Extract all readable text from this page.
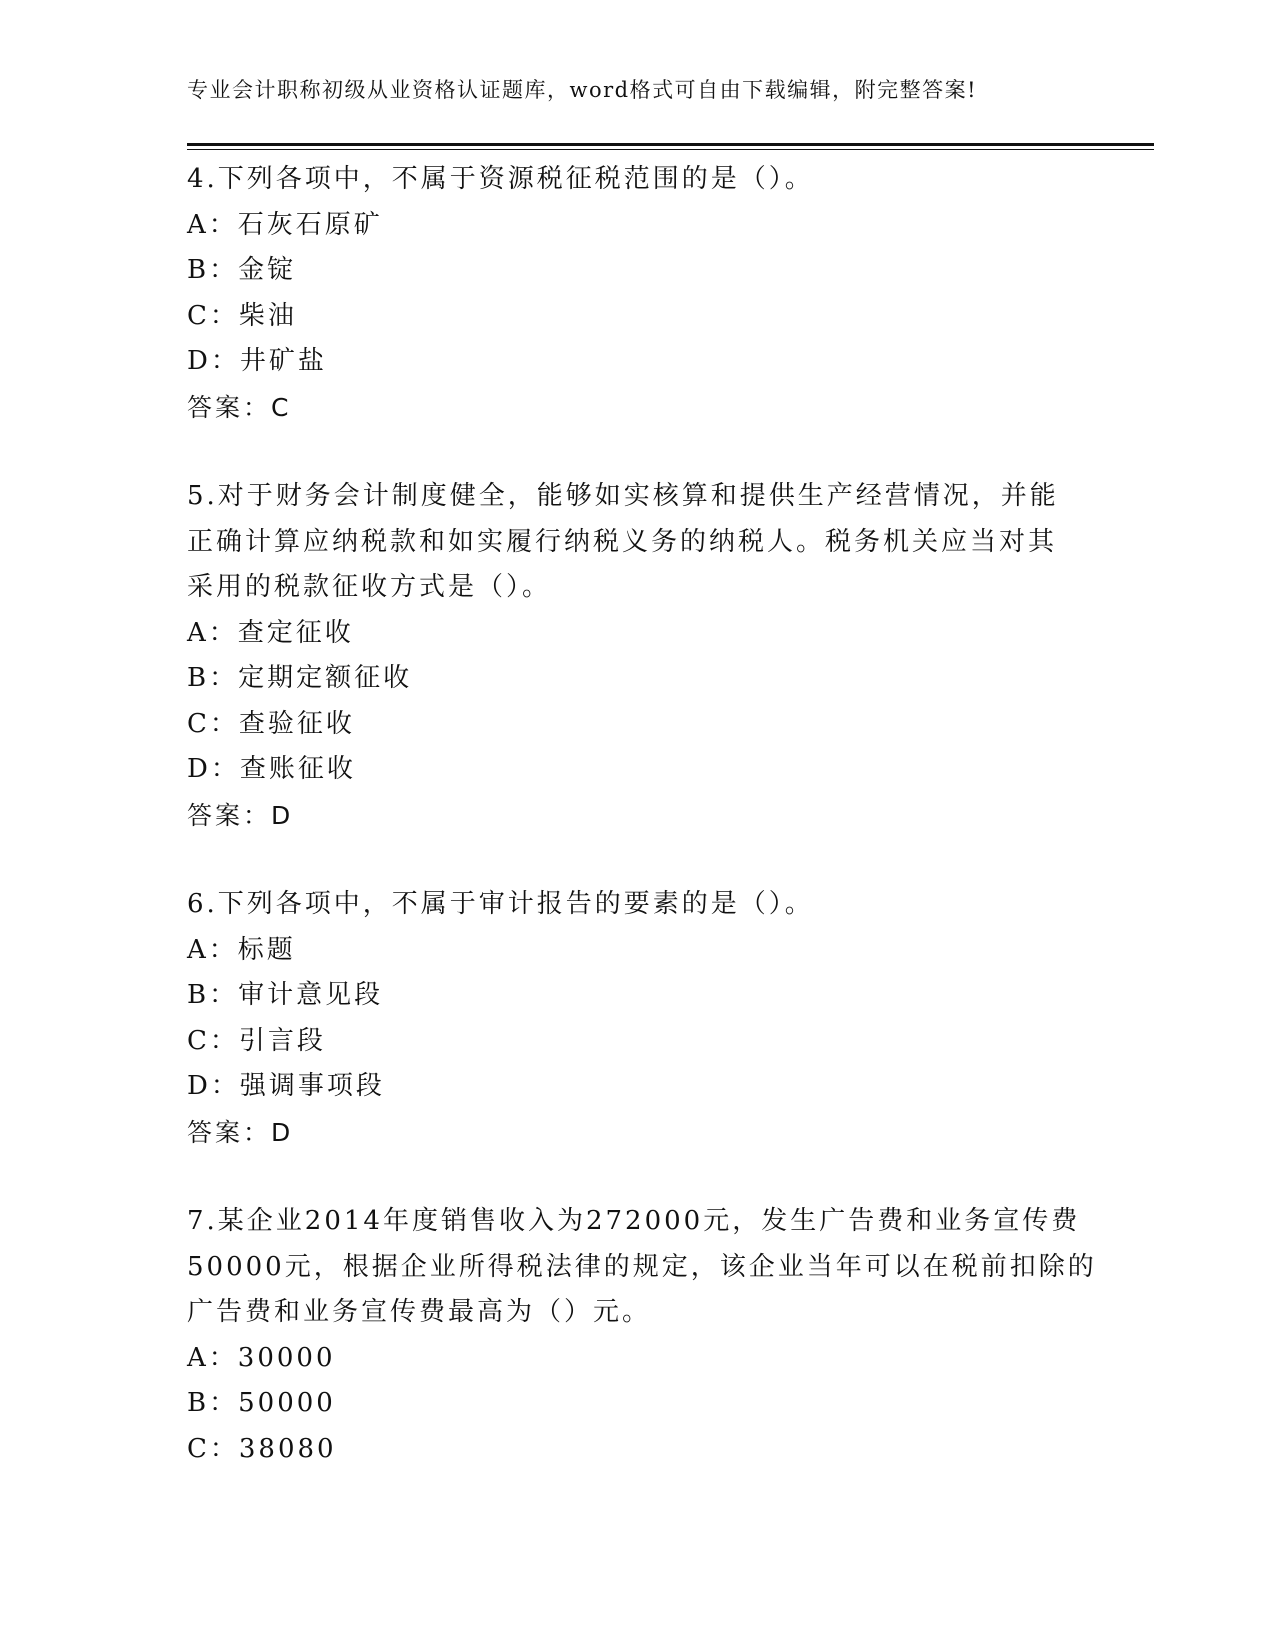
专业会计职称初级从业资格认证题库，word格式可自由下载编辑，附完整答案!
4.下列各项中，不属于资源税征税范围的是（）。
A：石灰石原矿
B：金锭
C：柴油
D：井矿盐
答案：C
5.对于财务会计制度健全，能够如实核算和提供生产经营情况，并能
正确计算应纳税款和如实履行纳税义务的纳税人。税务机关应当对其
采用的税款征收方式是（）。
A：查定征收
B：定期定额征收
C：查验征收
D：查账征收
答案：D
6.下列各项中，不属于审计报告的要素的是（）。
A：标题
B：审计意见段
C：引言段
D：强调事项段
答案：D
7.某企业2014年度销售收入为272000元，发生广告费和业务宣传费
50000元，根据企业所得税法律的规定，该企业当年可以在税前扣除的
广告费和业务宣传费最高为（）元。
A：30000
B：50000
C：38080
